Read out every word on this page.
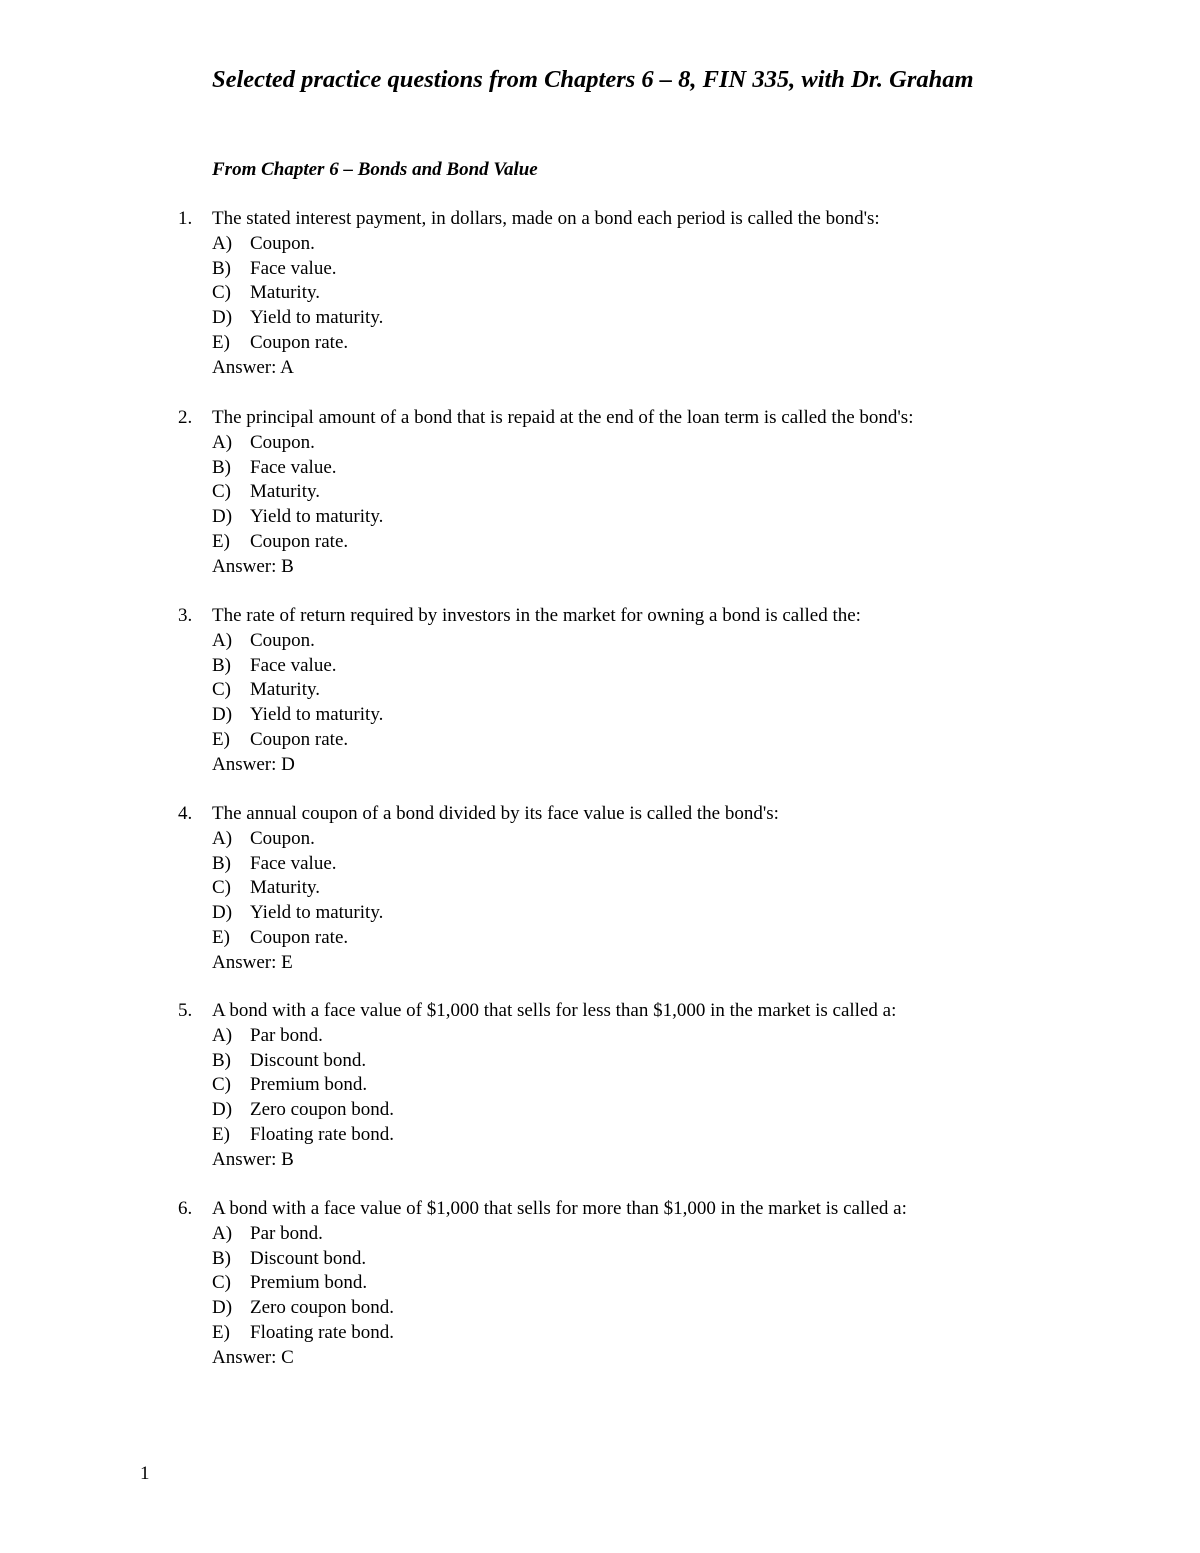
Selected practice questions from Chapters 6 – 8, FIN 335, with Dr. Graham
From Chapter 6 – Bonds and Bond Value
1. The stated interest payment, in dollars, made on a bond each period is called the bond's:
A) Coupon.
B) Face value.
C) Maturity.
D) Yield to maturity.
E) Coupon rate.
Answer: A
2. The principal amount of a bond that is repaid at the end of the loan term is called the bond's:
A) Coupon.
B) Face value.
C) Maturity.
D) Yield to maturity.
E) Coupon rate.
Answer: B
3. The rate of return required by investors in the market for owning a bond is called the:
A) Coupon.
B) Face value.
C) Maturity.
D) Yield to maturity.
E) Coupon rate.
Answer: D
4. The annual coupon of a bond divided by its face value is called the bond's:
A) Coupon.
B) Face value.
C) Maturity.
D) Yield to maturity.
E) Coupon rate.
Answer: E
5. A bond with a face value of $1,000 that sells for less than $1,000 in the market is called a:
A) Par bond.
B) Discount bond.
C) Premium bond.
D) Zero coupon bond.
E) Floating rate bond.
Answer: B
6. A bond with a face value of $1,000 that sells for more than $1,000 in the market is called a:
A) Par bond.
B) Discount bond.
C) Premium bond.
D) Zero coupon bond.
E) Floating rate bond.
Answer: C
1
